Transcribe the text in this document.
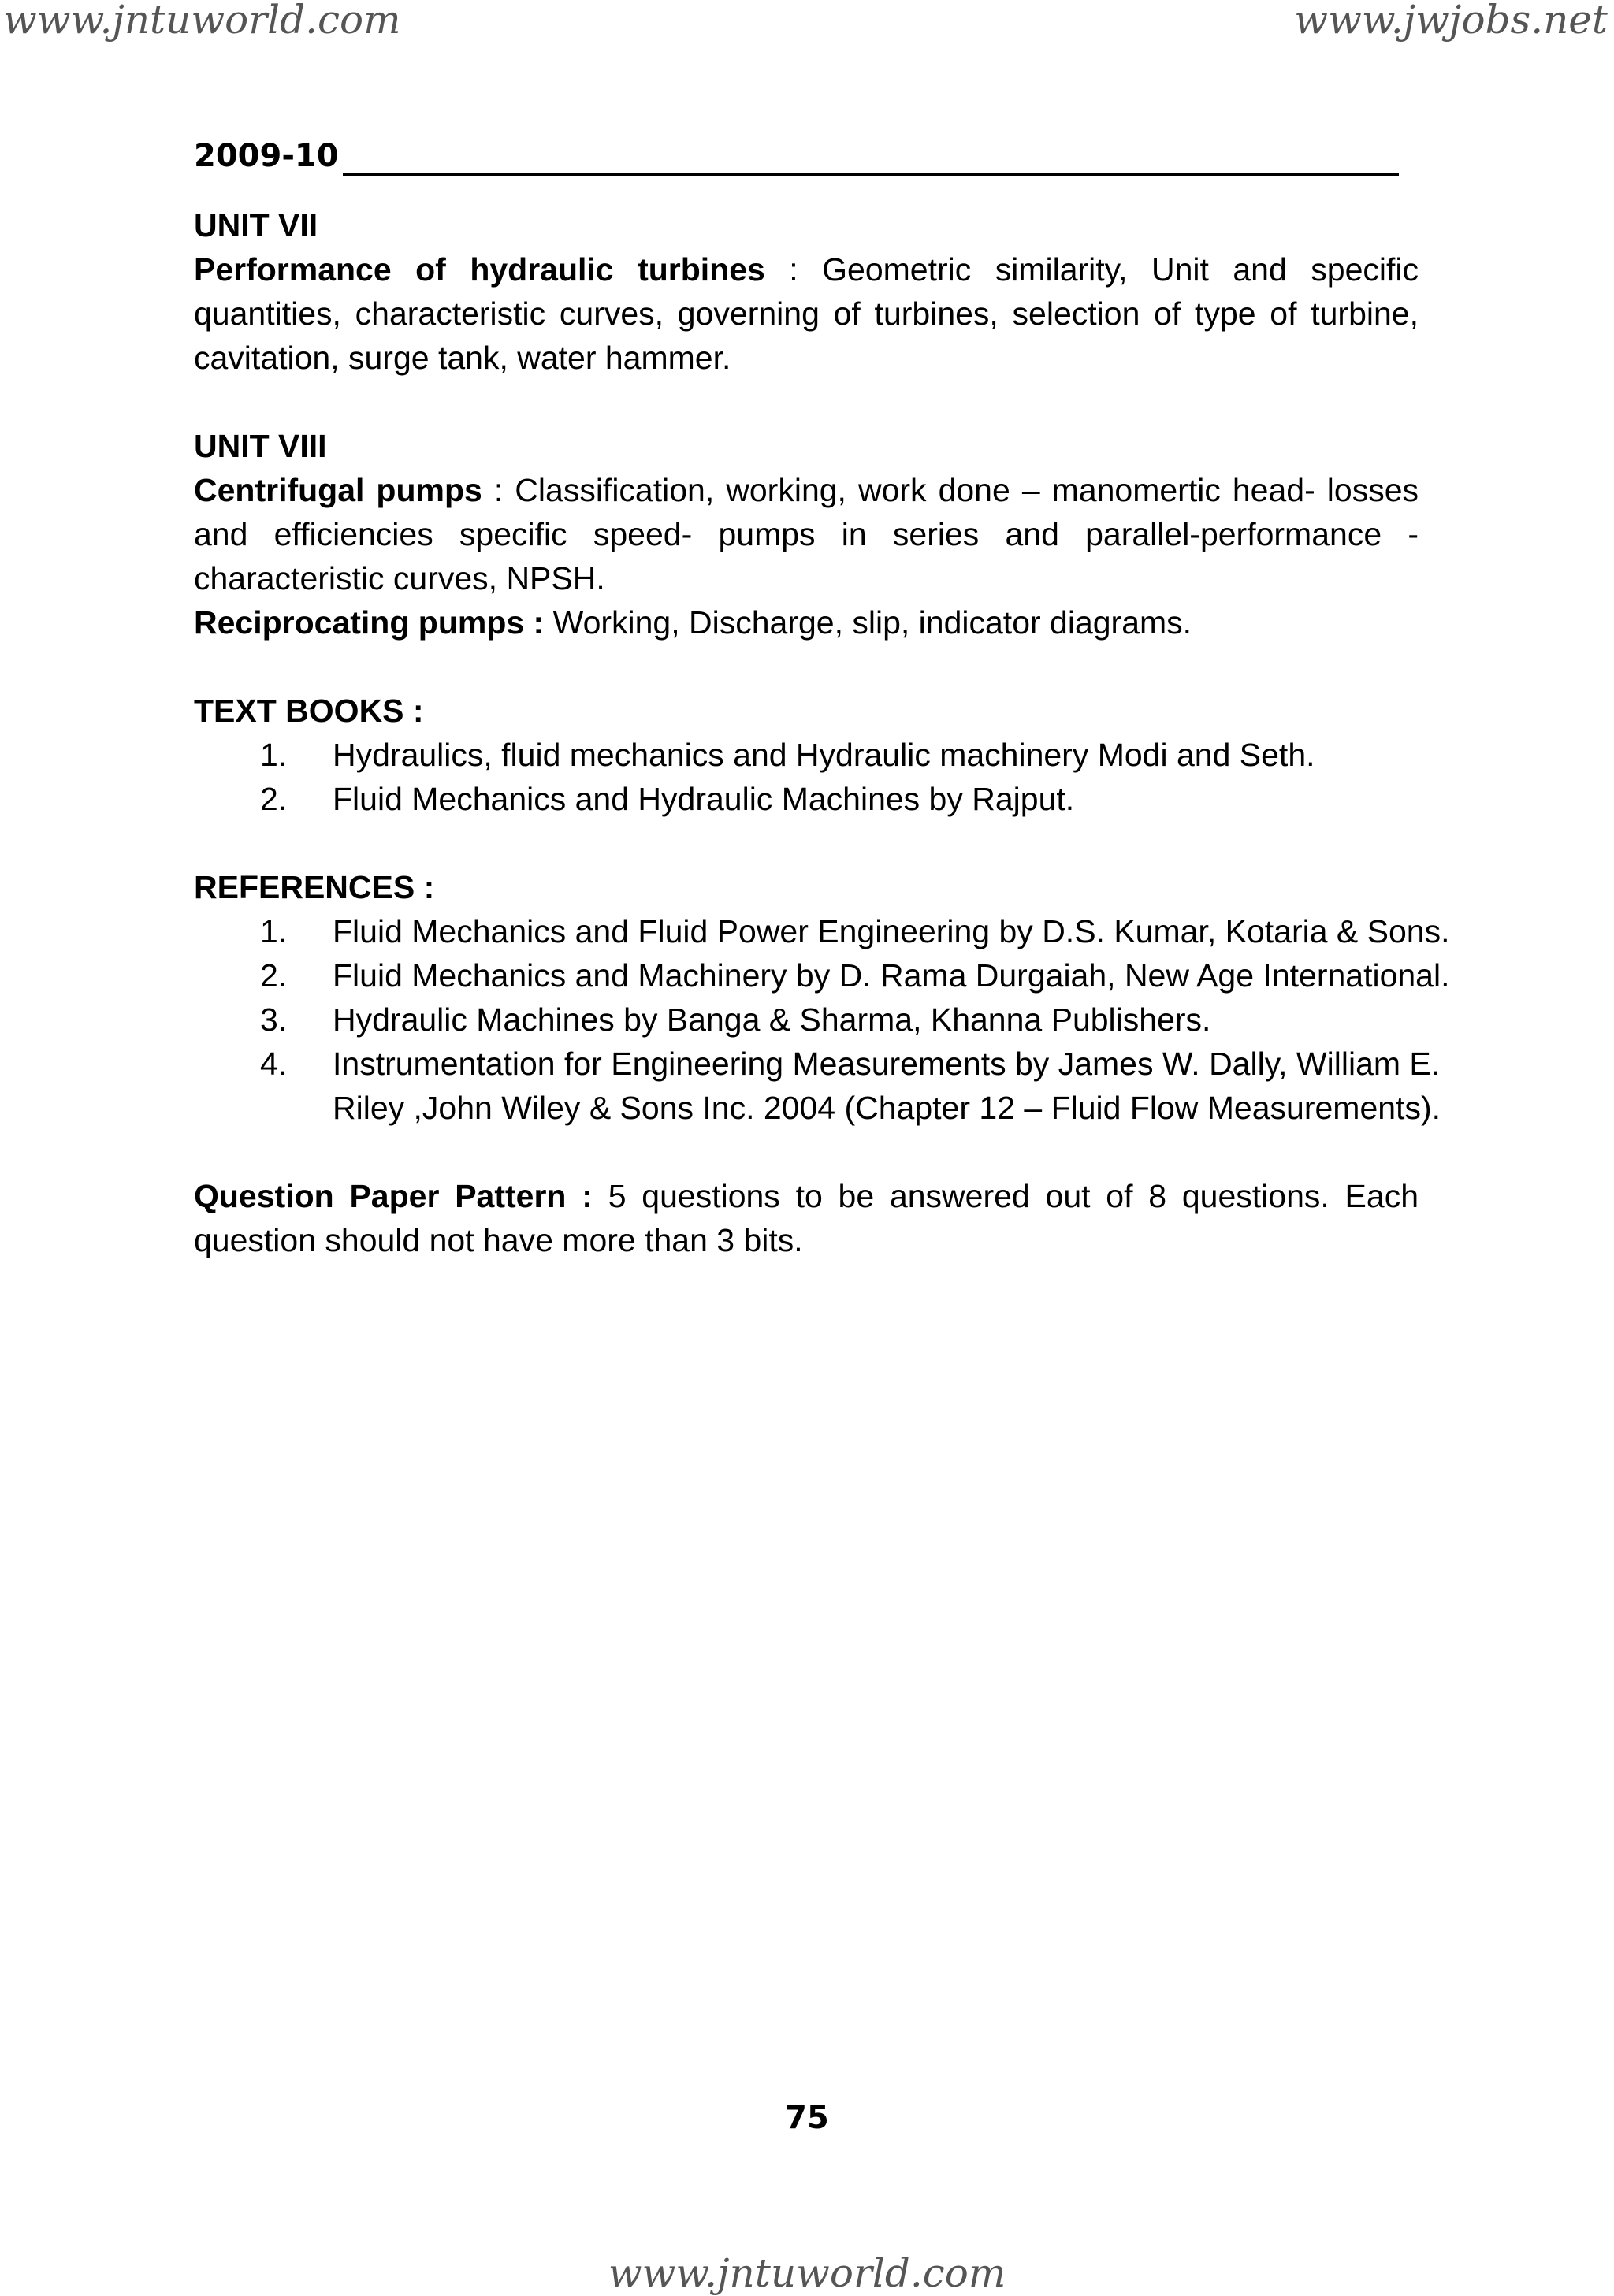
www.jntuworld.com	www.jwjobs.net
2009-10

UNIT VII

Performance of hydraulic turbines : Geometric similarity, Unit and specific quantities, characteristic curves, governing of turbines, selection of type of turbine, cavitation, surge tank, water hammer.

UNIT VIII

Centrifugal pumps : Classification, working, work done – manomertic head- losses and efficiencies specific speed- pumps in series and parallel-performance - characteristic curves, NPSH.

Reciprocating pumps : Working, Discharge, slip, indicator diagrams.

TEXT BOOKS :

1. Hydraulics, fluid mechanics and Hydraulic machinery Modi and Seth.
2. Fluid Mechanics and Hydraulic Machines by Rajput.

REFERENCES :

1. Fluid Mechanics and Fluid Power Engineering by D.S. Kumar, Kotaria & Sons.
2. Fluid Mechanics and Machinery by D. Rama Durgaiah, New Age International.
3. Hydraulic Machines by Banga & Sharma, Khanna Publishers.
4. Instrumentation for Engineering Measurements by James W. Dally, William E. Riley ,John Wiley & Sons Inc. 2004 (Chapter 12 – Fluid Flow Measurements).

Question Paper Pattern : 5 questions to be answered out of 8 questions. Each question should not have more than 3 bits.

75
www.jntuworld.com
